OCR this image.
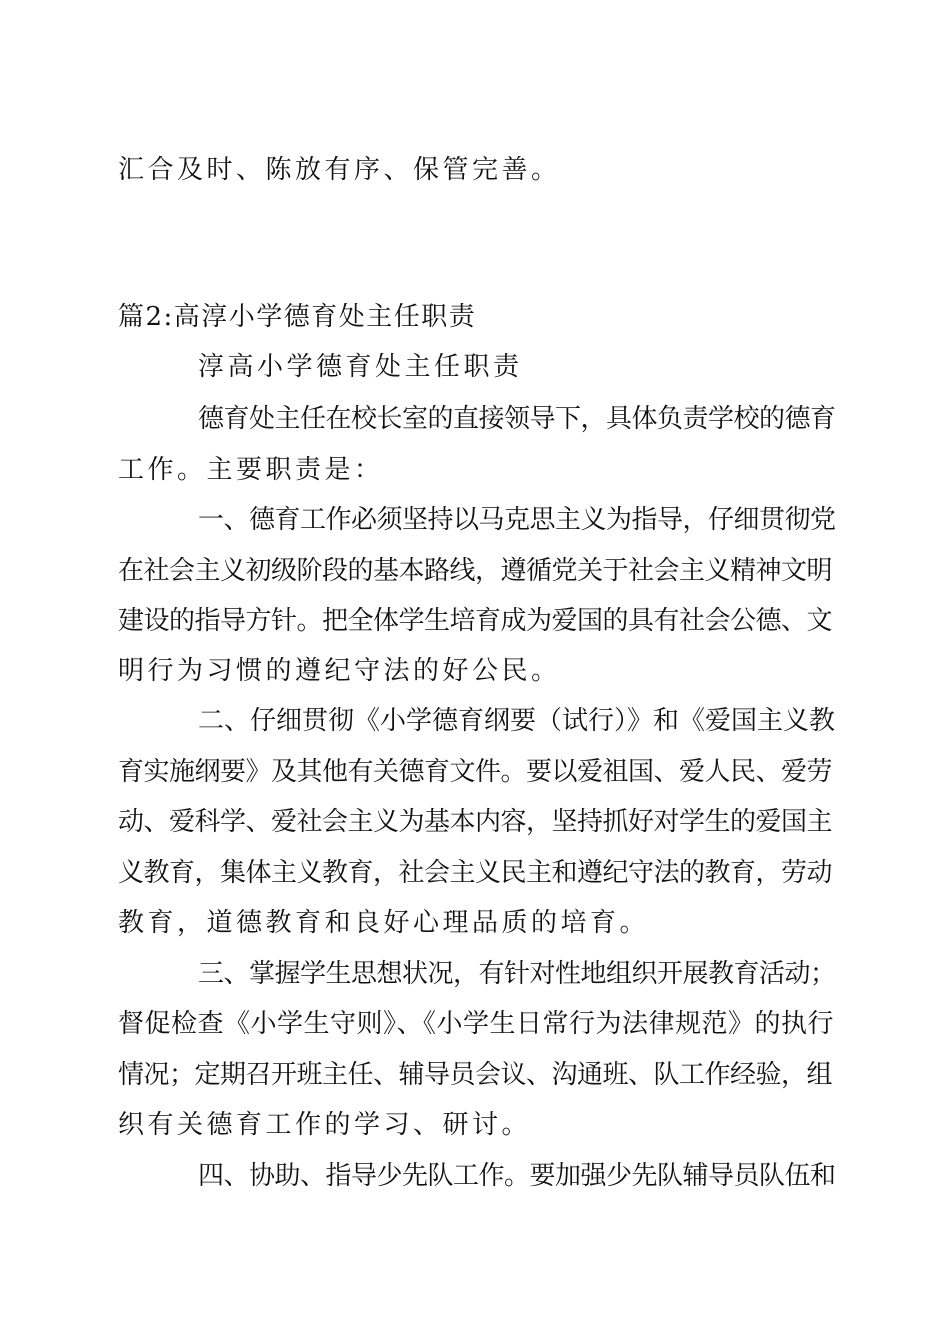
汇合及时、陈放有序、保管完善。
篇2:高淳小学德育处主任职责
淳高小学德育处主任职责
德育处主任在校长室的直接领导下，具体负责学校的德育
工作。主要职责是：
一、德育工作必须坚持以马克思主义为指导，仔细贯彻党
在社会主义初级阶段的基本路线，遵循党关于社会主义精神文明
建设的指导方针。把全体学生培育成为爱国的具有社会公德、文
明行为习惯的遵纪守法的好公民。
二、仔细贯彻《小学德育纲要（试行）》和《爱国主义教
育实施纲要》及其他有关德育文件。要以爱祖国、爱人民、爱劳
动、爱科学、爱社会主义为基本内容，坚持抓好对学生的爱国主
义教育，集体主义教育，社会主义民主和遵纪守法的教育，劳动
教育，道德教育和良好心理品质的培育。
三、掌握学生思想状况，有针对性地组织开展教育活动；
督促检查《小学生守则》、《小学生日常行为法律规范》的执行
情况；定期召开班主任、辅导员会议、沟通班、队工作经验，组
织有关德育工作的学习、研讨。
四、协助、指导少先队工作。要加强少先队辅导员队伍和
